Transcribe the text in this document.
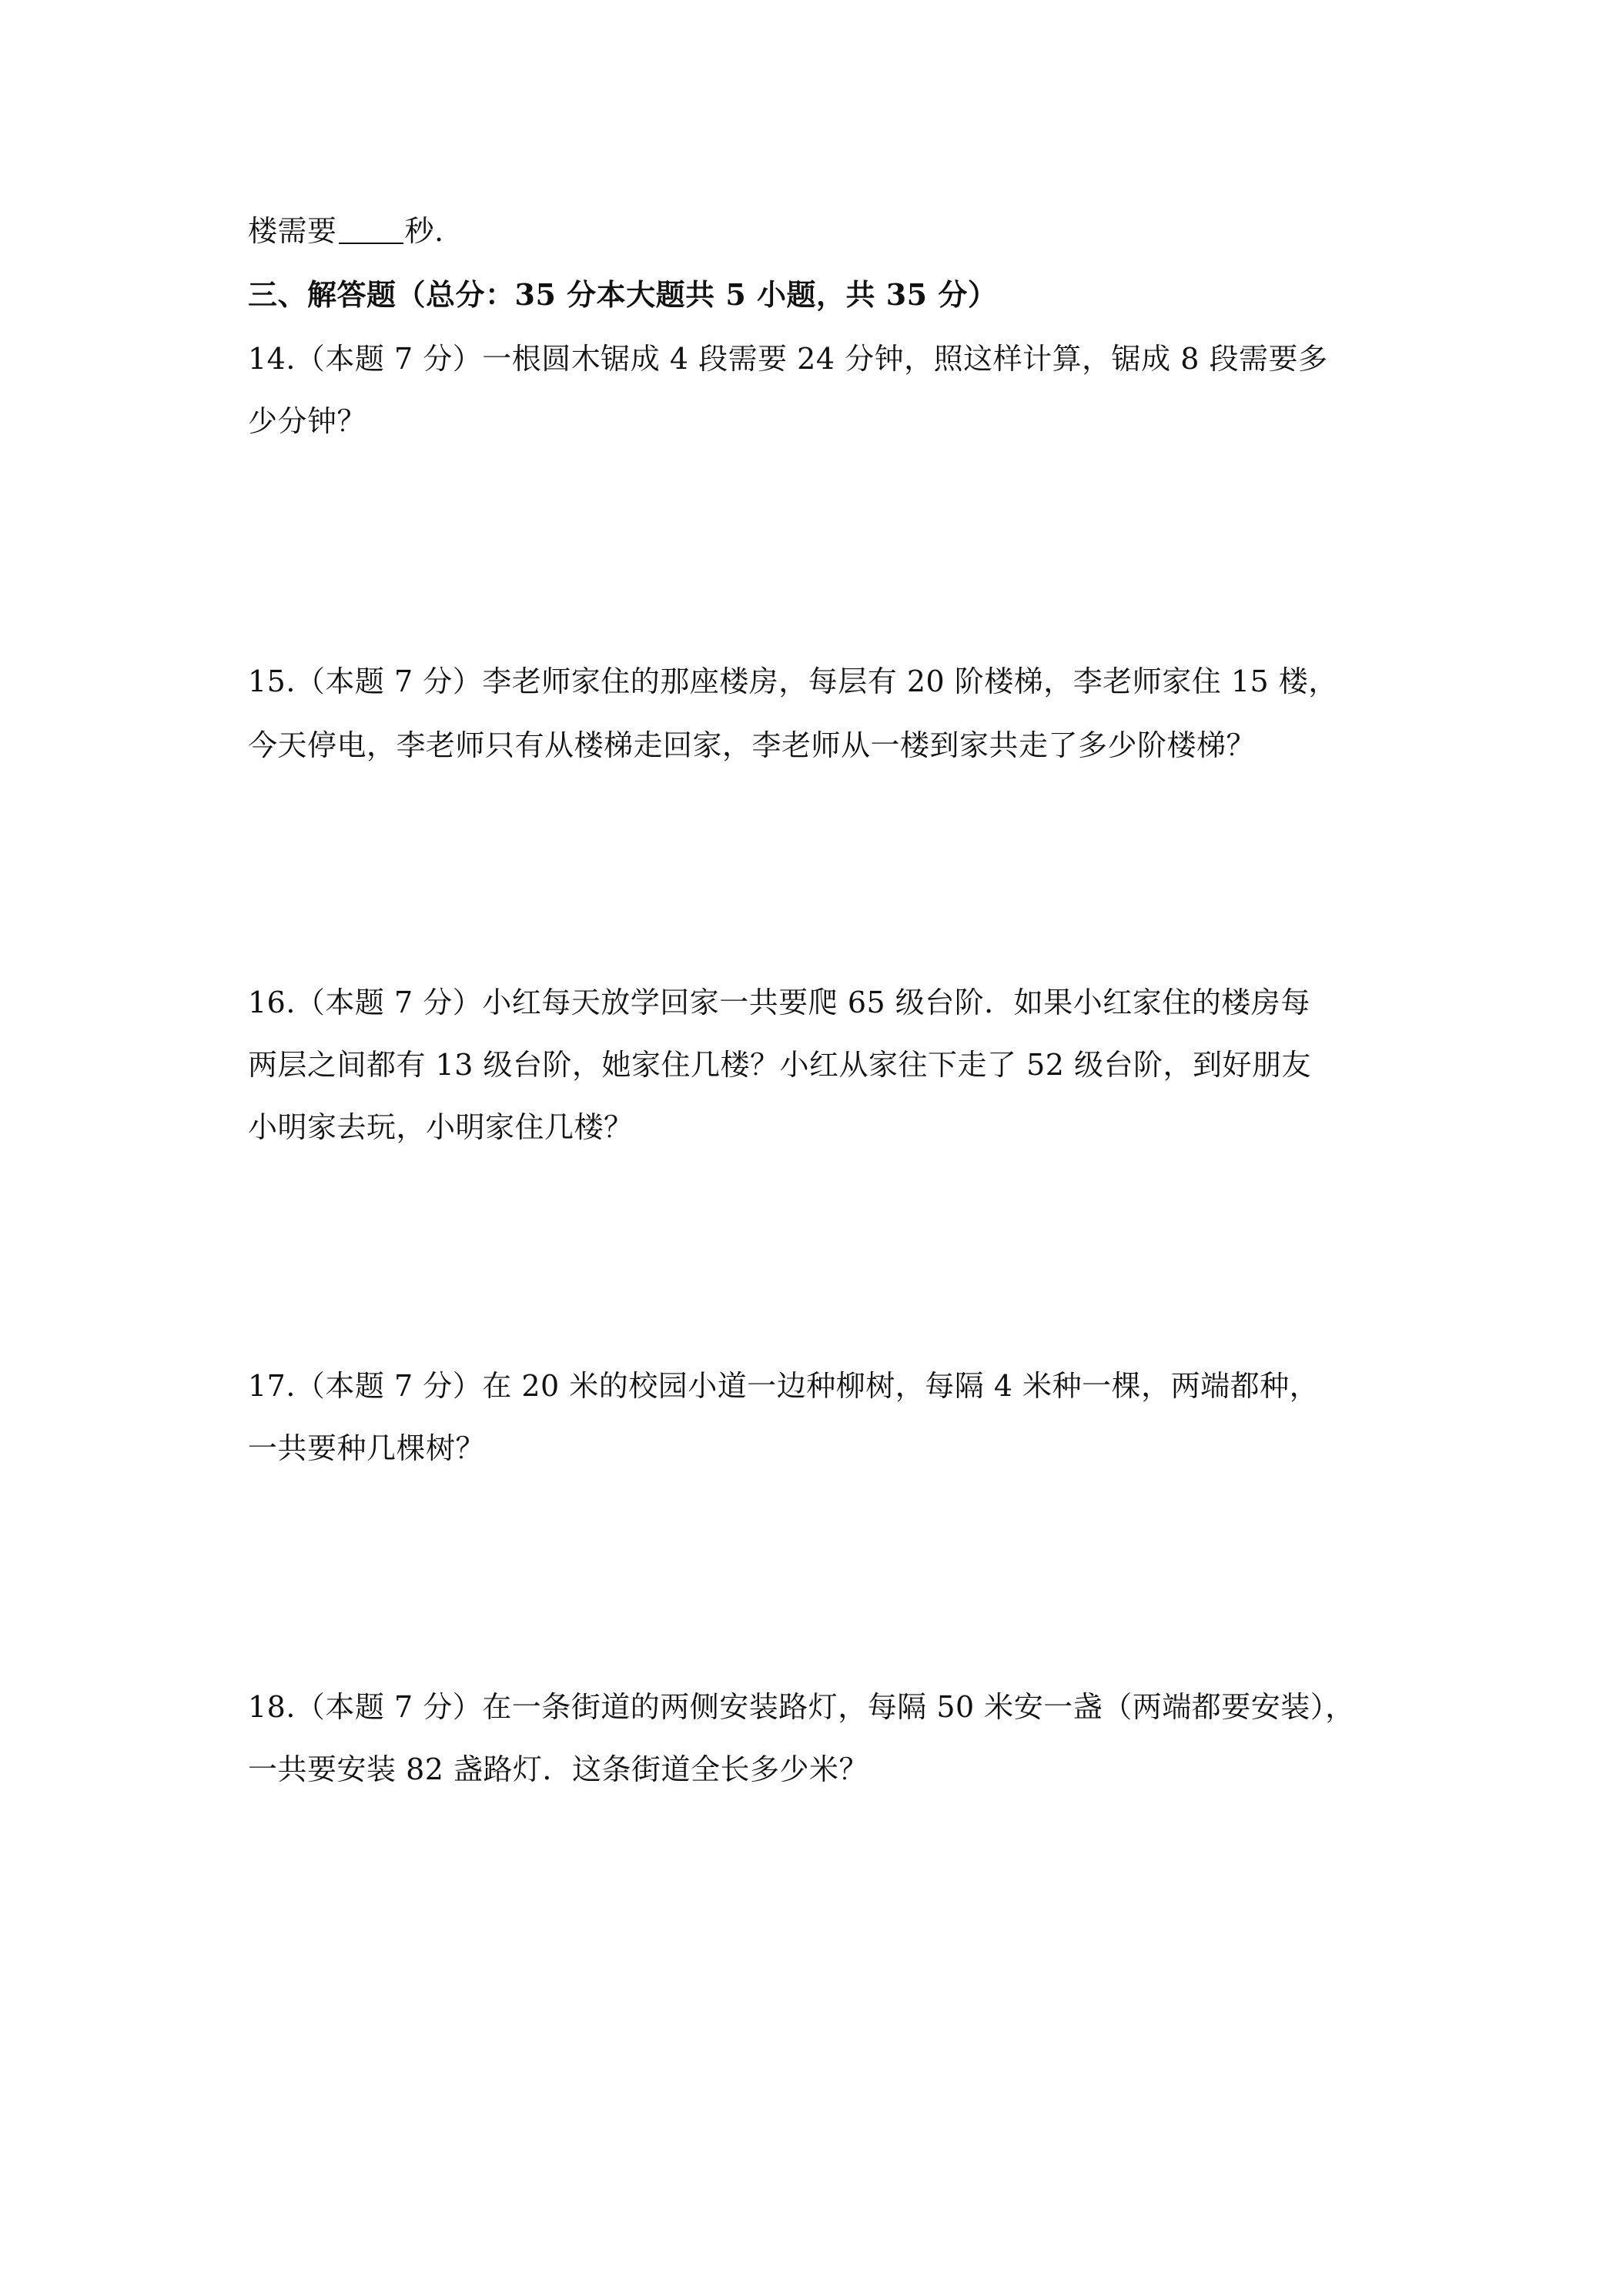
楼需要 秒.
三、解答题（总分：35 分本大题共 5 小题，共 35 分）
14.（本题 7 分）一根圆木锯成 4 段需要 24 分钟，照这样计算，锯成 8 段需要多
少分钟？
15.（本题 7 分）李老师家住的那座楼房，每层有 20 阶楼梯，李老师家住 15 楼，
今天停电，李老师只有从楼梯走回家，李老师从一楼到家共走了多少阶楼梯？
16.（本题 7 分）小红每天放学回家一共要爬 65 级台阶．如果小红家住的楼房每
两层之间都有 13 级台阶，她家住几楼？小红从家往下走了 52 级台阶，到好朋友
小明家去玩，小明家住几楼？
17.（本题 7 分）在 20 米的校园小道一边种柳树，每隔 4 米种一棵，两端都种，
一共要种几棵树？
18.（本题 7 分）在一条街道的两侧安装路灯，每隔 50 米安一盏（两端都要安装），
一共要安装 82 盏路灯．这条街道全长多少米？
